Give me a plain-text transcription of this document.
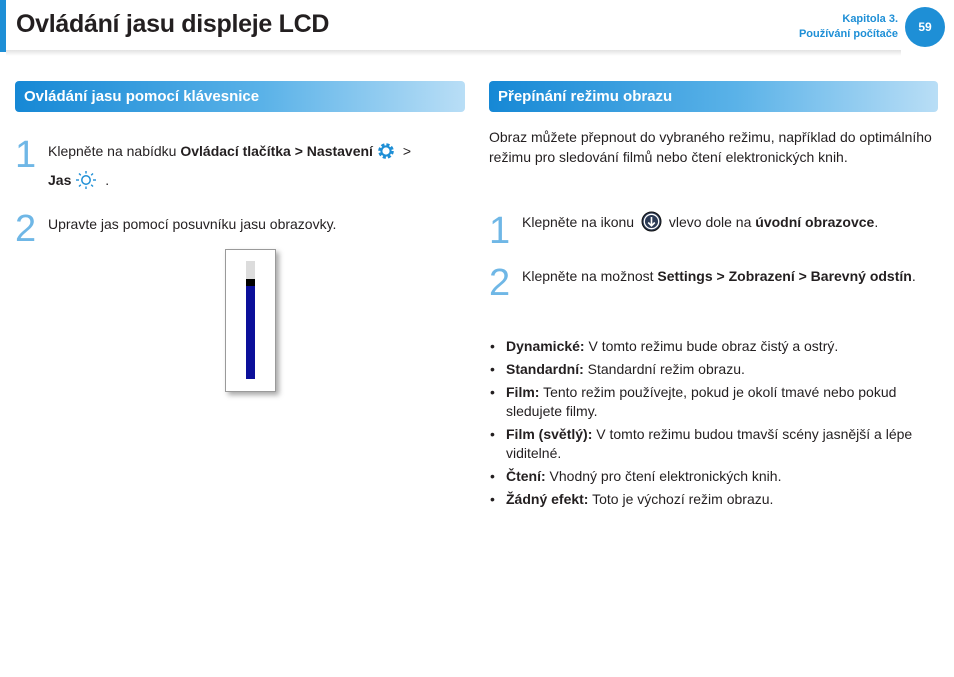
Ovládání jasu displeje LCD	Kapitola 3.
Používání počítače	59
Ovládání jasu pomocí klávesnice
1 Klepněte na nabídku Ovládací tlačítka > Nastavení >
Jas .
2 Upravte jas pomocí posuvníku jasu obrazovky.
Přepínání režimu obrazu
Obraz můžete přepnout do vybraného režimu, například do optimálního režimu pro sledování filmů nebo čtení elektronických knih.
1 Klepněte na ikonu  vlevo dole na úvodní obrazovce.
2 Klepněte na možnost Settings > Zobrazení > Barevný odstín.
• Dynamické: V tomto režimu bude obraz čistý a ostrý.
• Standardní: Standardní režim obrazu.
• Film: Tento režim používejte, pokud je okolí tmavé nebo pokud sledujete filmy.
• Film (světlý): V tomto režimu budou tmavší scény jasnější a lépe viditelné.
• Čtení: Vhodný pro čtení elektronických knih.
• Žádný efekt: Toto je výchozí režim obrazu.
